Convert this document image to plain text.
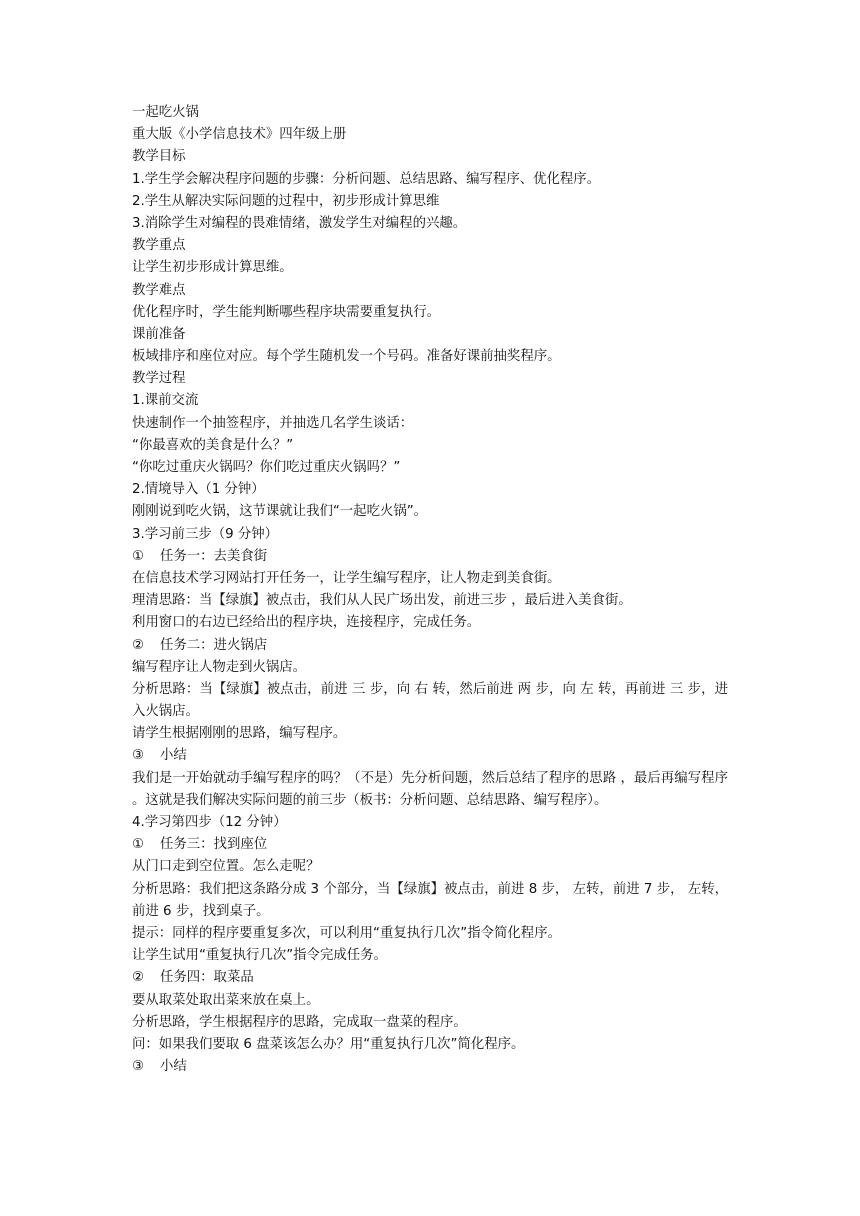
一起吃火锅
重大版《小学信息技术》四年级上册
教学目标
1.学生学会解决程序问题的步骤：分析问题、总结思路、编写程序、优化程序。
2.学生从解决实际问题的过程中，初步形成计算思维
3.消除学生对编程的畏难情绪，激发学生对编程的兴趣。
教学重点
让学生初步形成计算思维。
教学难点
优化程序时，学生能判断哪些程序块需要重复执行。
课前准备
板域排序和座位对应。每个学生随机发一个号码。准备好课前抽奖程序。
教学过程
1.课前交流
快速制作一个抽签程序，并抽选几名学生谈话：
“你最喜欢的美食是什么？”
“你吃过重庆火锅吗？你们吃过重庆火锅吗？”
2.情境导入（1 分钟）
刚刚说到吃火锅，这节课就让我们“一起吃火锅”。
3.学习前三步（9 分钟）
① 任务一：去美食街
在信息技术学习网站打开任务一，让学生编写程序，让人物走到美食街。
理清思路：当【绿旗】被点击，我们从人民广场出发，前进三步 ，最后进入美食街。
利用窗口的右边已经给出的程序块，连接程序，完成任务。
② 任务二：进火锅店
编写程序让人物走到火锅店。
分析思路：当【绿旗】被点击，前进 三 步，向 右 转，然后前进 两 步，向 左 转，再前进 三 步，进入火锅店。
请学生根据刚刚的思路，编写程序。
③ 小结
我们是一开始就动手编写程序的吗？（不是）先分析问题，然后总结了程序的思路 ，最后再编写程序 。这就是我们解决实际问题的前三步（板书：分析问题、总结思路、编写程序）。
4.学习第四步（12 分钟）
① 任务三：找到座位
从门口走到空位置。怎么走呢？
分析思路：我们把这条路分成 3 个部分，当【绿旗】被点击，前进 8 步， 左转，前进 7 步， 左转，前进 6 步，找到桌子。
提示：同样的程序要重复多次，可以利用“重复执行几次”指令简化程序。
让学生试用“重复执行几次”指令完成任务。
② 任务四：取菜品
要从取菜处取出菜来放在桌上。
分析思路，学生根据程序的思路，完成取一盘菜的程序。
问：如果我们要取 6 盘菜该怎么办？用“重复执行几次”简化程序。
③ 小结
